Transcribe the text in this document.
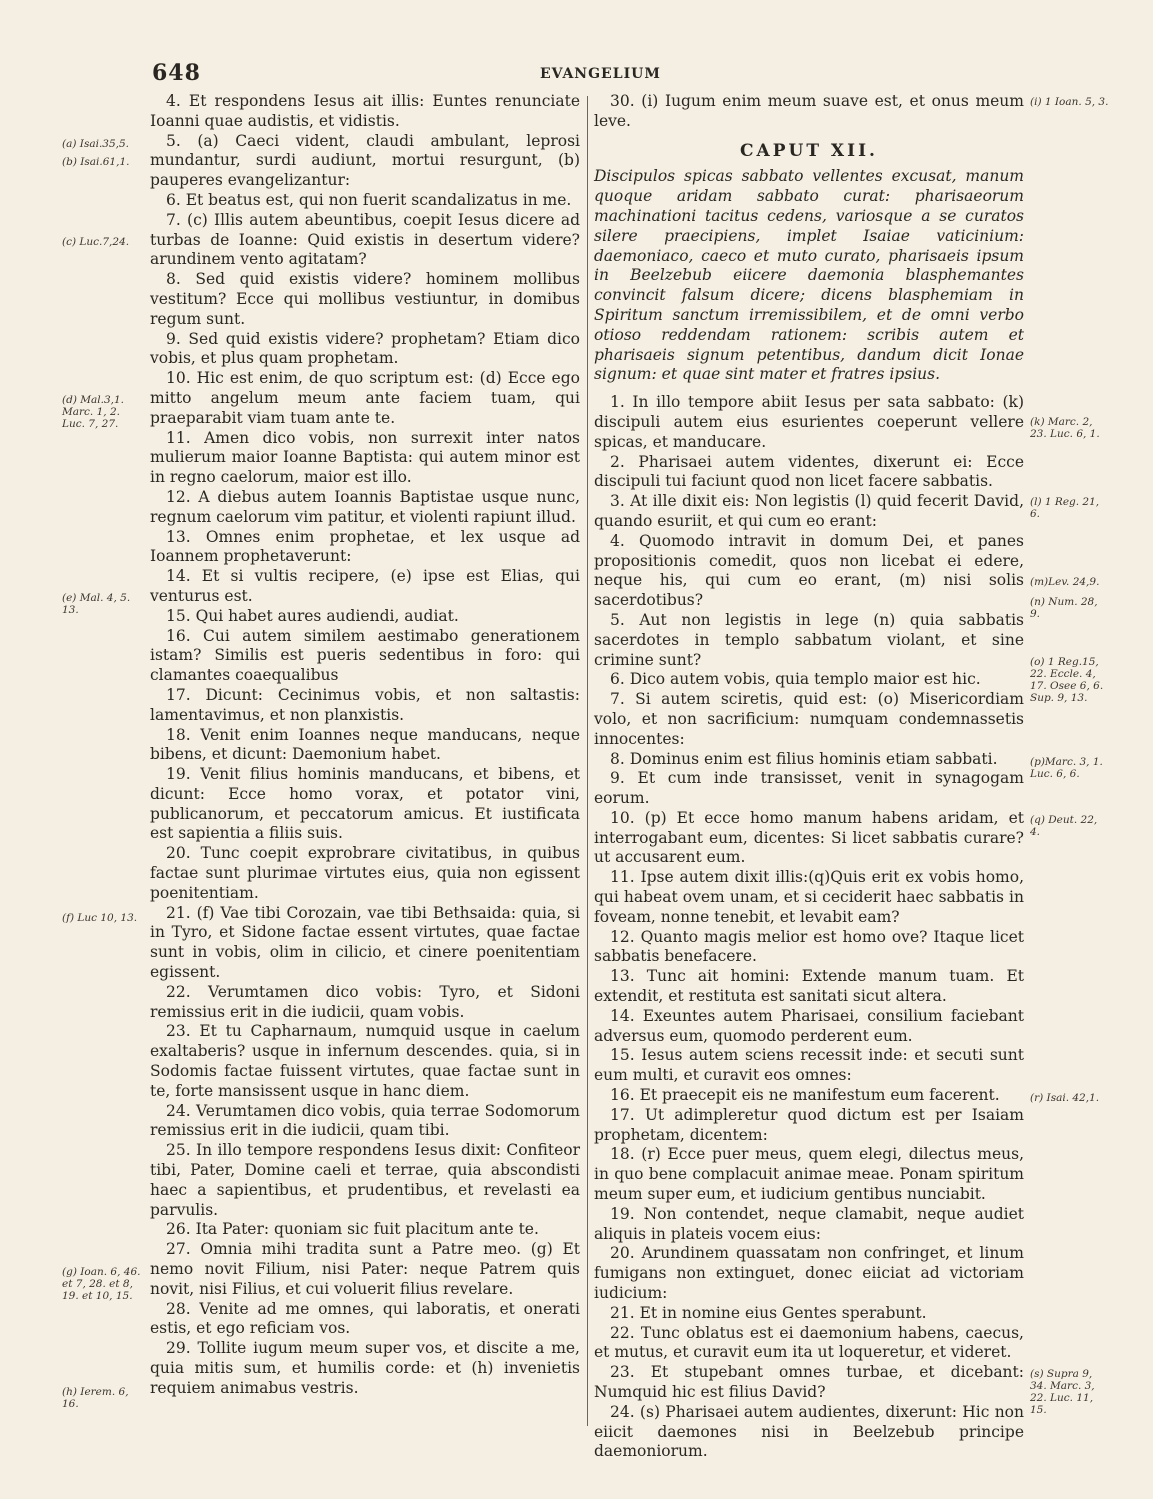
648	EVANGELIUM

4. Et respondens Iesus ait illis: Euntes renunciate Ioanni quae audistis, et vidistis.

5. (a) Caeci vident, claudi ambulant, leprosi mundantur, surdi audiunt, mortui resurgunt, (b) pauperes evangelizantur:

6. Et beatus est, qui non fuerit scandalizatus in me.

7. (c) Illis autem abeuntibus, coepit Iesus dicere ad turbas de Ioanne: Quid existis in desertum videre? arundinem vento agitatam?

8. Sed quid existis videre? hominem mollibus vestitum? Ecce qui mollibus vestiuntur, in domibus regum sunt.

9. Sed quid existis videre? prophetam? Etiam dico vobis, et plus quam prophetam.

10. Hic est enim, de quo scriptum est: (d) Ecce ego mitto angelum meum ante faciem tuam, qui praeparabit viam tuam ante te.

11. Amen dico vobis, non surrexit inter natos mulierum maior Ioanne Baptista: qui autem minor est in regno caelorum, maior est illo.

12. A diebus autem Ioannis Baptistae usque nunc, regnum caelorum vim patitur, et violenti rapiunt illud.

13. Omnes enim prophetae, et lex usque ad Ioannem prophetaverunt:

14. Et si vultis recipere, (e) ipse est Elias, qui venturus est.

15. Qui habet aures audiendi, audiat.

16. Cui autem similem aestimabo generationem istam? Similis est pueris sedentibus in foro: qui clamantes coaequalibus

17. Dicunt: Cecinimus vobis, et non saltastis: lamentavimus, et non planxistis.

18. Venit enim Ioannes neque manducans, neque bibens, et dicunt: Daemonium habet.

19. Venit filius hominis manducans, et bibens, et dicunt: Ecce homo vorax, et potator vini, publicanorum, et peccatorum amicus. Et iustificata est sapientia a filiis suis.

20. Tunc coepit exprobrare civitatibus, in quibus factae sunt plurimae virtutes eius, quia non egissent poenitentiam.

21. (f) Vae tibi Corozain, vae tibi Bethsaida: quia, si in Tyro, et Sidone factae essent virtutes, quae factae sunt in vobis, olim in cilicio, et cinere poenitentiam egissent.

22. Verumtamen dico vobis: Tyro, et Sidoni remissius erit in die iudicii, quam vobis.

23. Et tu Capharnaum, numquid usque in caelum exaltaberis? usque in infernum descendes. quia, si in Sodomis factae fuissent virtutes, quae factae sunt in te, forte mansissent usque in hanc diem.

24. Verumtamen dico vobis, quia terrae Sodomorum remissius erit in die iudicii, quam tibi.

25. In illo tempore respondens Iesus dixit: Confiteor tibi, Pater, Domine caeli et terrae, quia abscondisti haec a sapientibus, et prudentibus, et revelasti ea parvulis.

26. Ita Pater: quoniam sic fuit placitum ante te.

27. Omnia mihi tradita sunt a Patre meo. (g) Et nemo novit Filium, nisi Pater: neque Patrem quis novit, nisi Filius, et cui voluerit filius revelare.

28. Venite ad me omnes, qui laboratis, et onerati estis, et ego reficiam vos.

29. Tollite iugum meum super vos, et discite a me, quia mitis sum, et humilis corde: et (h) invenietis requiem animabus vestris.

30. (i) Iugum enim meum suave est, et onus meum leve.

CAPUT XII.

Discipulos spicas sabbato vellentes excusat, manum quoque aridam sabbato curat: pharisaeorum machinationi tacitus cedens, variosque a se curatos silere praecipiens, implet Isaiae vaticinium: daemoniaco, caeco et muto curato, pharisaeis ipsum in Beelzebub eiicere daemonia blasphemantes convincit falsum dicere; dicens blasphemiam in Spiritum sanctum irremissibilem, et de omni verbo otioso reddendam rationem: scribis autem et pharisaeis signum petentibus, dandum dicit Ionae signum: et quae sint mater et fratres ipsius.

1. In illo tempore abiit Iesus per sata sabbato: (k) discipuli autem eius esurientes coeperunt vellere spicas, et manducare.

2. Pharisaei autem videntes, dixerunt ei: Ecce discipuli tui faciunt quod non licet facere sabbatis.

3. At ille dixit eis: Non legistis (l) quid fecerit David, quando esuriit, et qui cum eo erant:

4. Quomodo intravit in domum Dei, et panes propositionis comedit, quos non licebat ei edere, neque his, qui cum eo erant, (m) nisi solis sacerdotibus?

5. Aut non legistis in lege (n) quia sabbatis sacerdotes in templo sabbatum violant, et sine crimine sunt?

6. Dico autem vobis, quia templo maior est hic.

7. Si autem sciretis, quid est: (o) Misericordiam volo, et non sacrificium: numquam condemnassetis innocentes:

8. Dominus enim est filius hominis etiam sabbati.

9. Et cum inde transisset, venit in synagogam eorum.

10. (p) Et ecce homo manum habens aridam, et interrogabant eum, dicentes: Si licet sabbatis curare? ut accusarent eum.

11. Ipse autem dixit illis:(q)Quis erit ex vobis homo, qui habeat ovem unam, et si ceciderit haec sabbatis in foveam, nonne tenebit, et levabit eam?

12. Quanto magis melior est homo ove? Itaque licet sabbatis benefacere.

13. Tunc ait homini: Extende manum tuam. Et extendit, et restituta est sanitati sicut altera.

14. Exeuntes autem Pharisaei, consilium faciebant adversus eum, quomodo perderent eum.

15. Iesus autem sciens recessit inde: et secuti sunt eum multi, et curavit eos omnes:

16. Et praecepit eis ne manifestum eum facerent.

17. Ut adimpleretur quod dictum est per Isaiam prophetam, dicentem:

18. (r) Ecce puer meus, quem elegi, dilectus meus, in quo bene complacuit animae meae. Ponam spiritum meum super eum, et iudicium gentibus nunciabit.

19. Non contendet, neque clamabit, neque audiet aliquis in plateis vocem eius:

20. Arundinem quassatam non confringet, et linum fumigans non extinguet, donec eiiciat ad victoriam iudicium:

21. Et in nomine eius Gentes sperabunt.

22. Tunc oblatus est ei daemonium habens, caecus, et mutus, et curavit eum ita ut loqueretur, et videret.

23. Et stupebant omnes turbae, et dicebant: Numquid hic est filius David?

24. (s) Pharisaei autem audientes, dixerunt: Hic non eiicit daemones nisi in Beelzebub principe daemoniorum.

(a) Isai.35,5.
(b) Isai.61,1.
(c) Luc.7,24.
(d) Mal.3,1. Marc. 1, 2. Luc. 7, 27.
(e) Mal. 4, 5. 13.
(f) Luc 10, 13.
(g) Ioan. 6, 46. et 7, 28. et 8, 19. et 10, 15.
(h) Ierem. 6, 16.
(i) 1 Ioan. 5, 3.
(k) Marc. 2, 23. Luc. 6, 1.
(l) 1 Reg. 21, 6.
(m)Lev. 24,9.
(n) Num. 28, 9.
(o) 1 Reg.15, 22. Eccle. 4, 17. Osee 6, 6. Sup. 9, 13.
(p)Marc. 3, 1. Luc. 6, 6.
(q) Deut. 22, 4.
(r) Isai. 42,1.
(s) Supra 9, 34. Marc. 3, 22. Luc. 11, 15.
